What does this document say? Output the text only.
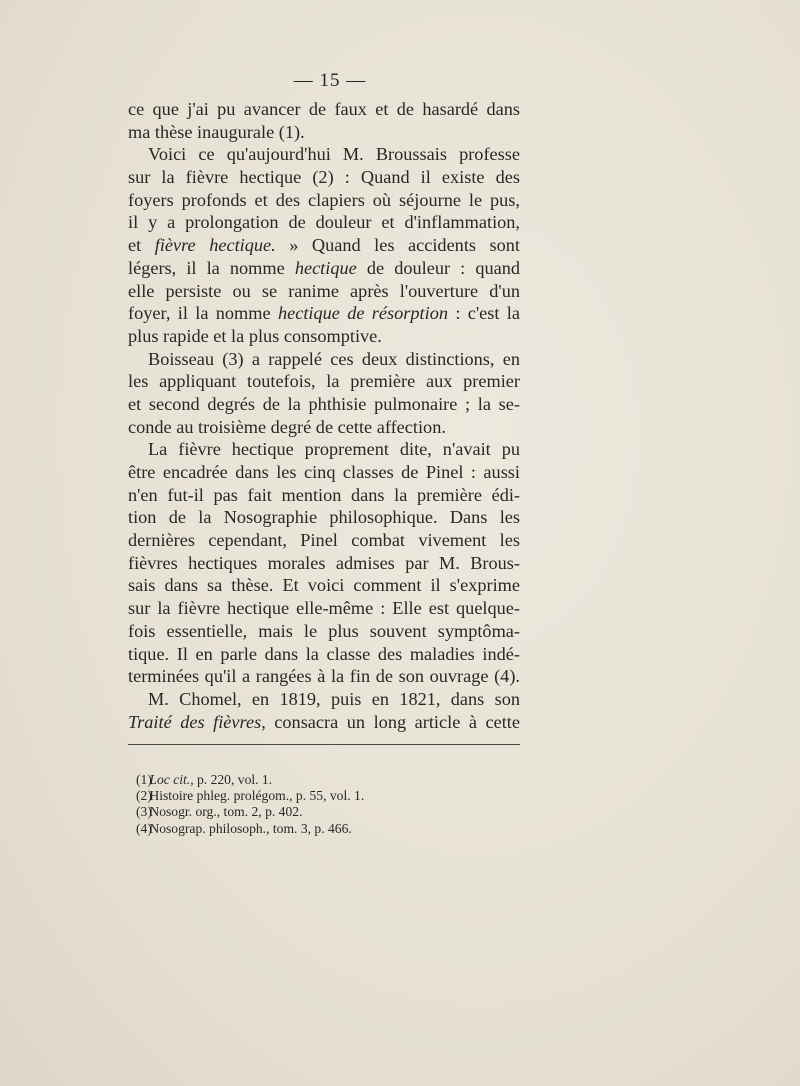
— 15 —
ce que j'ai pu avancer de faux et de hasardé dans
ma thèse inaugurale (1).
Voici ce qu'aujourd'hui M. Broussais professe
sur la fièvre hectique (2) : Quand il existe des
foyers profonds et des clapiers où séjourne le pus,
il y a prolongation de douleur et d'inflammation,
et fièvre hectique. » Quand les accidents sont
légers, il la nomme hectique de douleur : quand
elle persiste ou se ranime après l'ouverture d'un
foyer, il la nomme hectique de résorption : c'est la
plus rapide et la plus consomptive.
Boisseau (3) a rappelé ces deux distinctions, en
les appliquant toutefois, la première aux premier
et second degrés de la phthisie pulmonaire ; la se-
conde au troisième degré de cette affection.
La fièvre hectique proprement dite, n'avait pu
être encadrée dans les cinq classes de Pinel : aussi
n'en fut-il pas fait mention dans la première édi-
tion de la Nosographie philosophique. Dans les
dernières cependant, Pinel combat vivement les
fièvres hectiques morales admises par M. Brous-
sais dans sa thèse. Et voici comment il s'exprime
sur la fièvre hectique elle-même : Elle est quelque-
fois essentielle, mais le plus souvent symptôma-
tique. Il en parle dans la classe des maladies indé-
terminées qu'il a rangées à la fin de son ouvrage (4).
M. Chomel, en 1819, puis en 1821, dans son
Traité des fièvres, consacra un long article à cette
(1) Loc cit., p. 220, vol. 1.
(2) Histoire phleg. prolégom., p. 55, vol. 1.
(3) Nosogr. org., tom. 2, p. 402.
(4) Nosograp. philosoph., tom. 3, p. 466.
